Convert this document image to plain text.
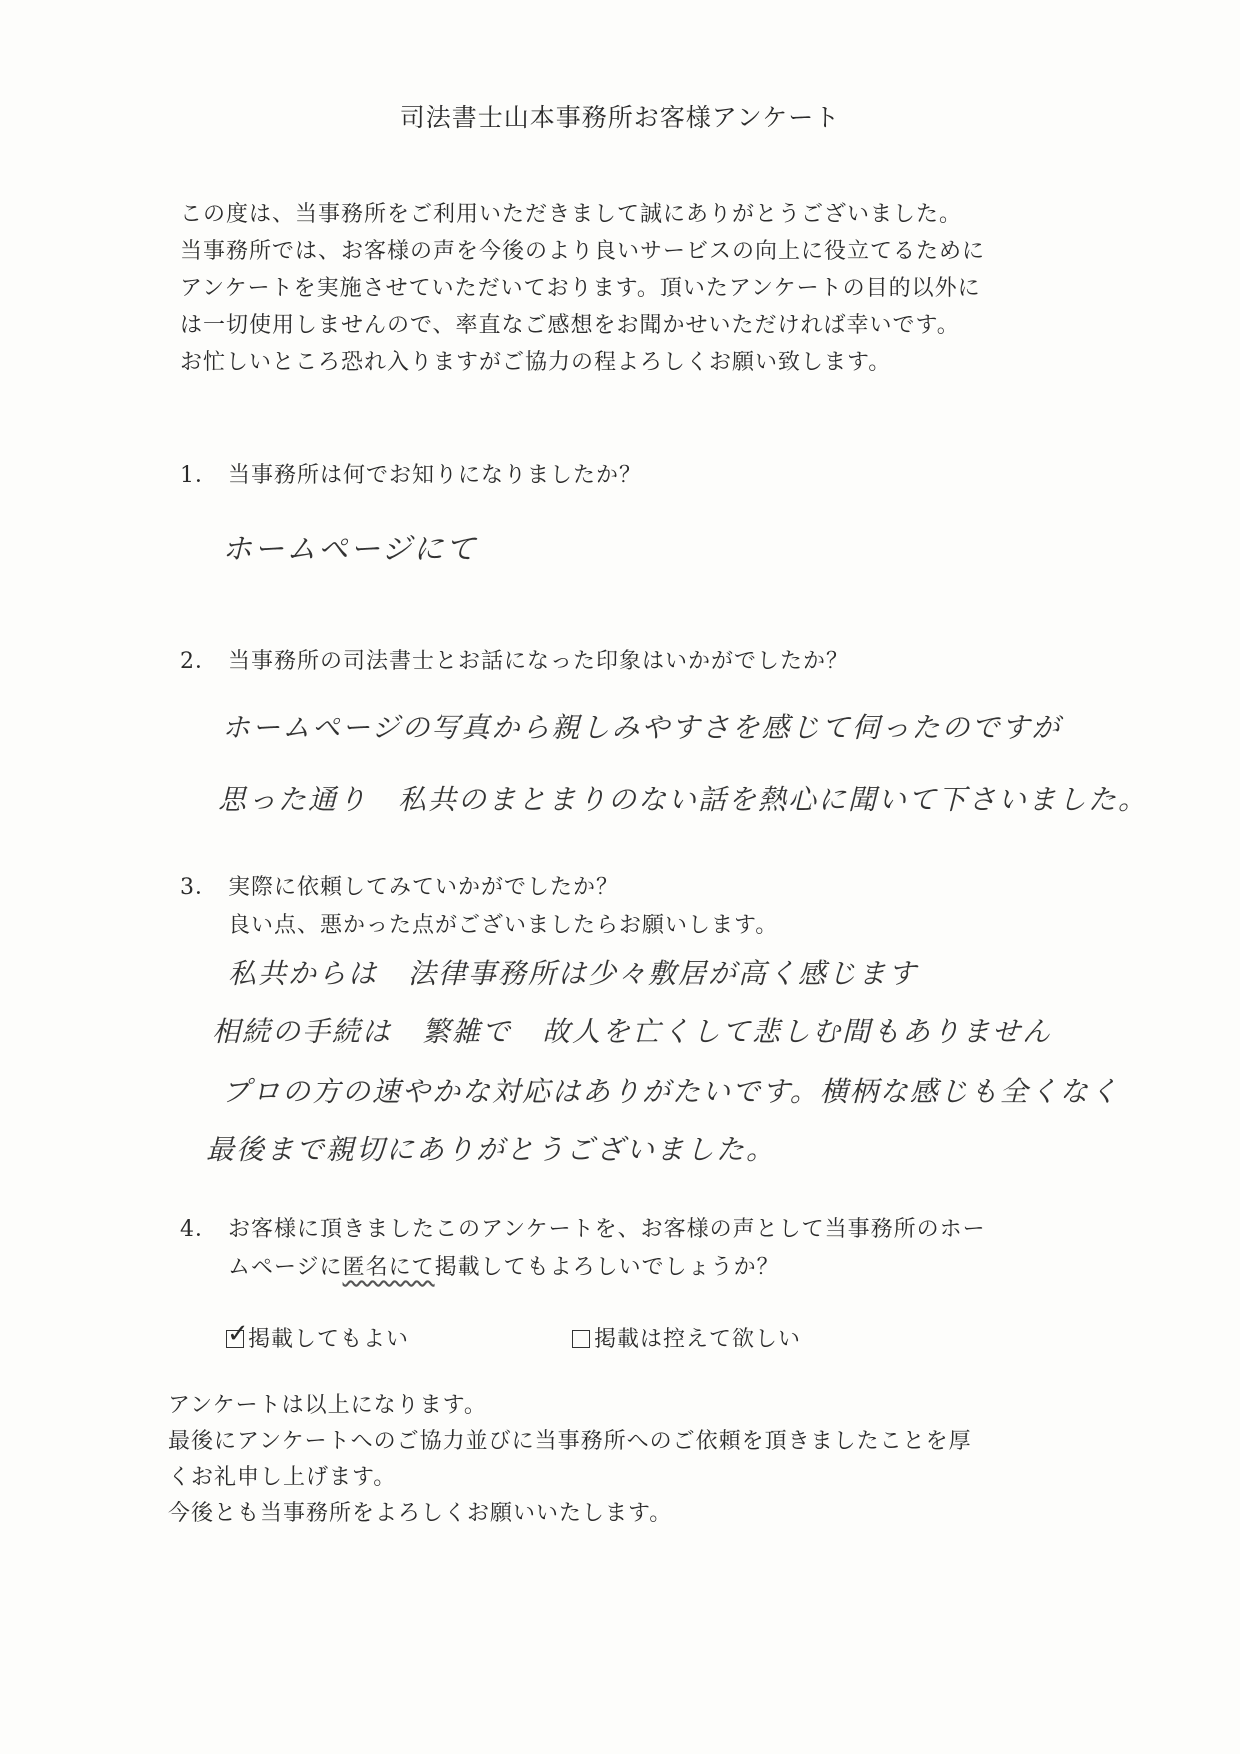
司法書士山本事務所お客様アンケート
この度は、当事務所をご利用いただきまして誠にありがとうございました。
当事務所では、お客様の声を今後のより良いサービスの向上に役立てるために
アンケートを実施させていただいております。頂いたアンケートの目的以外に
は一切使用しませんので、率直なご感想をお聞かせいただければ幸いです。
お忙しいところ恐れ入りますがご協力の程よろしくお願い致します。
1． 当事務所は何でお知りになりましたか？
ホームページにて
2． 当事務所の司法書士とお話になった印象はいかがでしたか？
ホームページの写真から親しみやすさを感じて伺ったのですが
思った通り　私共のまとまりのない話を熱心に聞いて下さいました。
3． 実際に依頼してみていかがでしたか？
良い点、悪かった点がございましたらお願いします。
私共からは　法律事務所は少々敷居が高く感じます
相続の手続は　繁雑で　故人を亡くして悲しむ間もありません
プロの方の速やかな対応はありがたいです。横柄な感じも全くなく
最後まで親切にありがとうございました。
4． お客様に頂きましたこのアンケートを、お客様の声として当事務所のホー
ムページに匿名にて掲載してもよろしいでしょうか？
✓
掲載してもよい	掲載は控えて欲しい
アンケートは以上になります。
最後にアンケートへのご協力並びに当事務所へのご依頼を頂きましたことを厚
くお礼申し上げます。
今後とも当事務所をよろしくお願いいたします。
